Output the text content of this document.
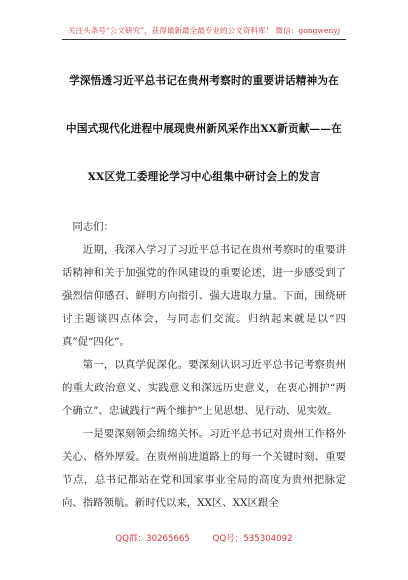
关注头条号“公文研究”，获得最新最全最专业的公文资料库！ 微信：gongwenyj
学深悟透习近平总书记在贵州考察时的重要讲话精神为在
中国式现代化进程中展现贵州新风采作出XX新贡献——在
XX区党工委理论学习中心组集中研讨会上的发言

同志们：

近期，我深入学习了习近平总书记在贵州考察时的重要讲话精神和关于加强党的作风建设的重要论述，进一步感受到了强烈信仰感召、鲜明方向指引、强大进取力量。下面，围绕研讨主题谈四点体会，与同志们交流。归纳起来就是以“四真”促“四化”。

第一，以真学促深化。要深刻认识习近平总书记考察贵州的重大政治意义、实践意义和深远历史意义，在衷心拥护“两个确立”、忠诚践行“两个维护”上见思想、见行动、见实效。

一是要深刻领会绵绵关怀。习近平总书记对贵州工作格外关心、格外厚爱。在贵州前进道路上的每一个关键时刻、重要节点，总书记都站在党和国家事业全局的高度为贵州把脉定向、指路领航。新时代以来，XX区、XX区跟全

QQ群：30265665	QQ号：535304092
